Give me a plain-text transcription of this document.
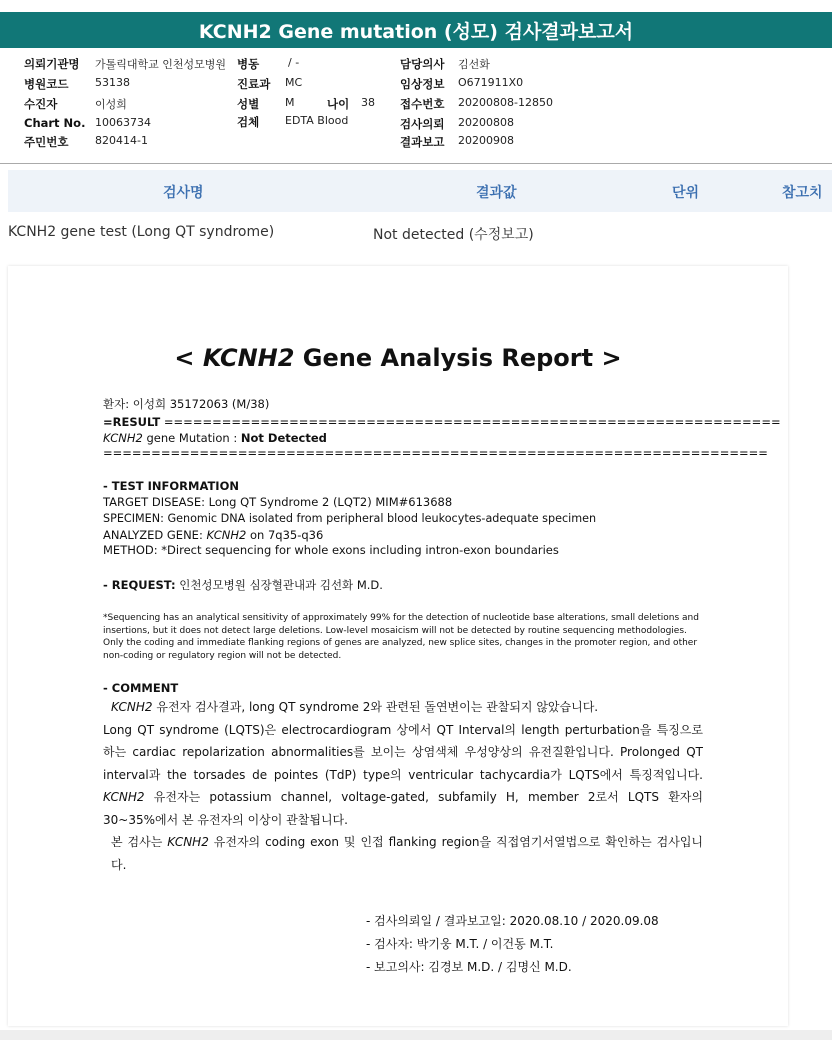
KCNH2 Gene mutation (성모) 검사결과보고서
의뢰기관명 가톨릭대학교 인천성모병원 병동	/ -	담당의사 김선화
병원코드 53138	진료과 MC	임상정보 O671911X0
수진자	이성희	성별 M	나이 38 접수번호 20200808-12850
Chart No. 10063734	검체 EDTA Blood	검사의뢰 20200808
주민번호 820414-1	결과보고 20200908
검사명	결과값	단위	참고치
KCNH2 gene test (Long QT syndrome)	Not detected (수정보고)
< KCNH2 Gene Analysis Report >
환자: 이성희 35172063 (M/38)
=RESULT ================================================================
KCNH2 gene Mutation : Not Detected
=====================================================================
- TEST INFORMATION
TARGET DISEASE: Long QT Syndrome 2 (LQT2) MIM#613688
SPECIMEN: Genomic DNA isolated from peripheral blood leukocytes-adequate specimen
ANALYZED GENE: KCNH2 on 7q35-q36
METHOD: *Direct sequencing for whole exons including intron-exon boundaries
- REQUEST: 인천성모병원 심장혈관내과 김선화 M.D.
*Sequencing has an analytical sensitivity of approximately 99% for the detection of nucleotide base alterations, small deletions and insertions, but it does not detect large deletions. Low-level mosaicism will not be detected by routine sequencing methodologies. Only the coding and immediate flanking regions of genes are analyzed, new splice sites, changes in the promoter region, and other non-coding or regulatory region will not be detected.
- COMMENT
KCNH2 유전자 검사결과, long QT syndrome 2와 관련된 돌연변이는 관찰되지 않았습니다.
Long QT syndrome (LQTS)은 electrocardiogram 상에서 QT Interval의 length perturbation을 특징으로 하는 cardiac repolarization abnormalities를 보이는 상염색체 우성양상의 유전질환입니다. Prolonged QT interval과 the torsades de pointes (TdP) type의 ventricular tachycardia가 LQTS에서 특징적입니다. KCNH2 유전자는 potassium channel, voltage-gated, subfamily H, member 2로서 LQTS 환자의 30~35%에서 본 유전자의 이상이 관찰됩니다.
본 검사는 KCNH2 유전자의 coding exon 및 인접 flanking region을 직접염기서열법으로 확인하는 검사입니다.
- 검사의뢰일 / 결과보고일: 2020.08.10 / 2020.09.08
- 검사자: 박기웅 M.T. / 이건동 M.T.
- 보고의사: 김경보 M.D. / 김명신 M.D.
